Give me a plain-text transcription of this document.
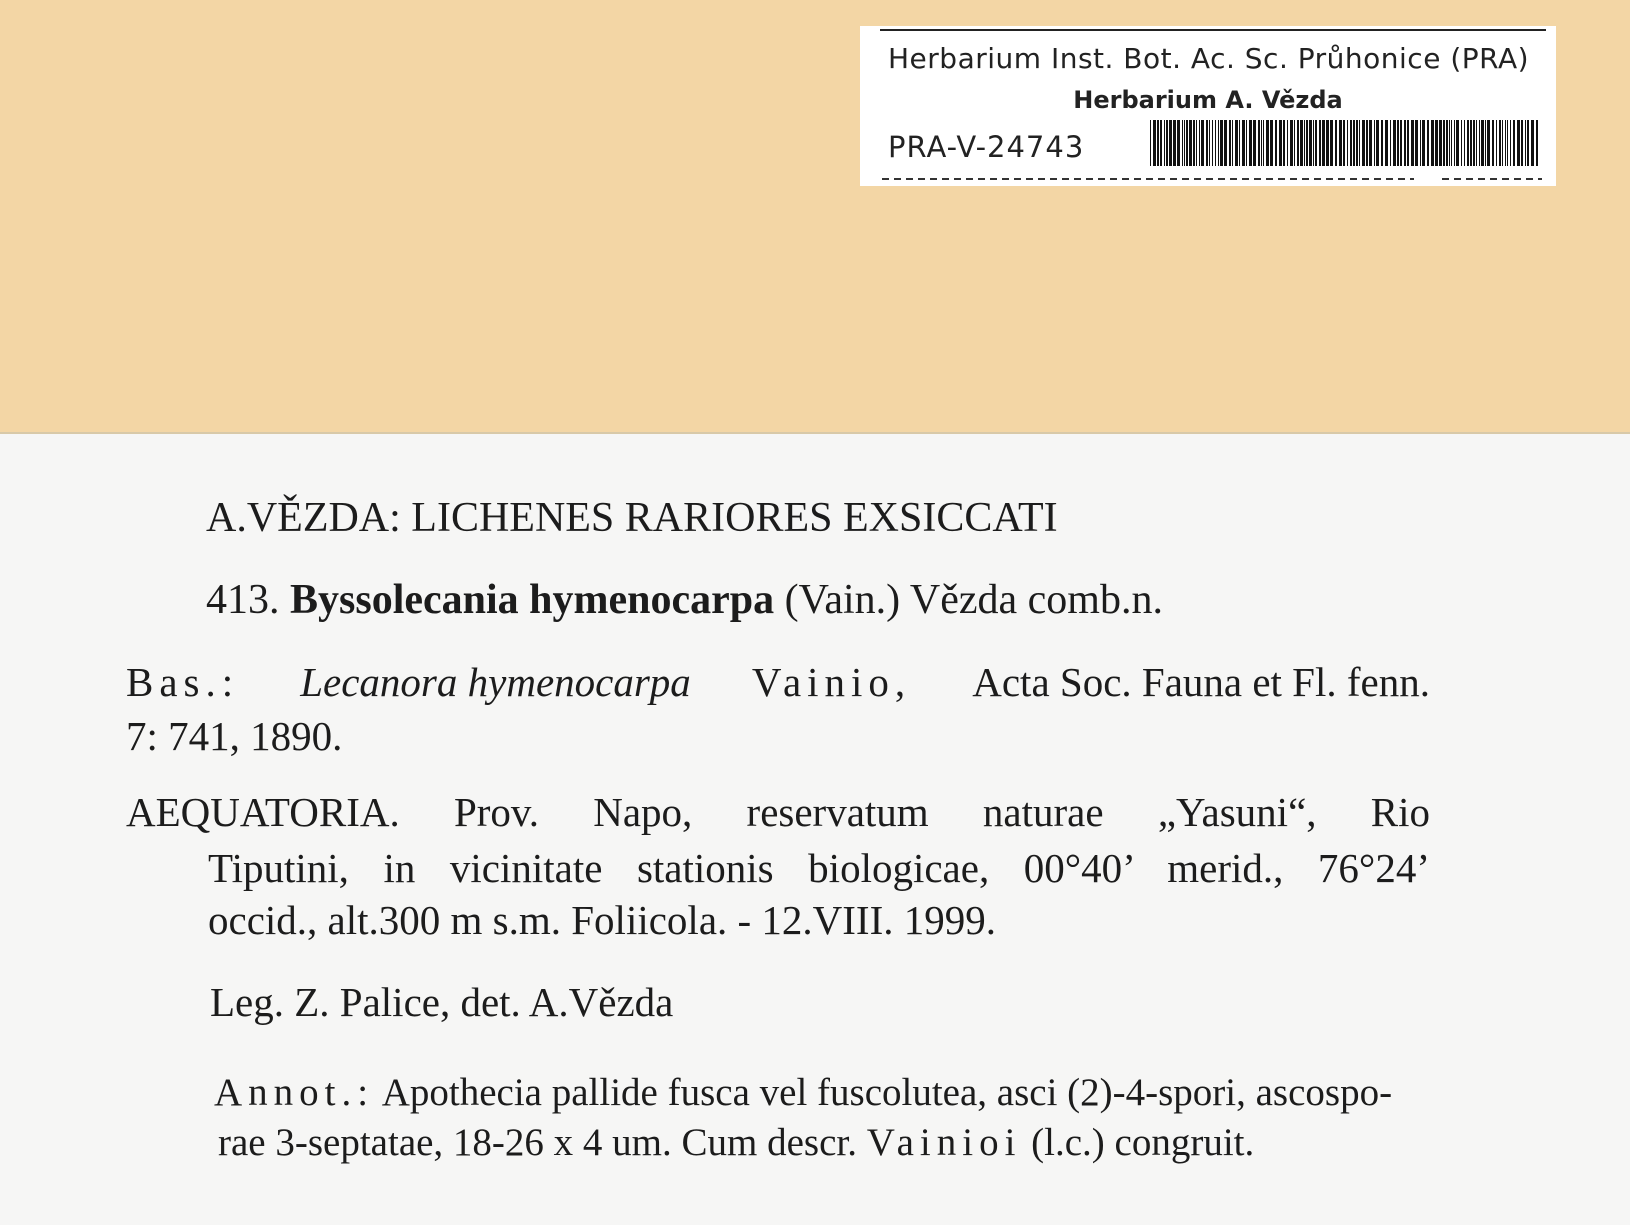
Herbarium Inst. Bot. Ac. Sc. Průhonice (PRA)
Herbarium A. Vězda
PRA-V-24743
A.VĚZDA: LICHENES RARIORES EXSICCATI
413. Byssolecania hymenocarpa (Vain.) Vězda comb.n.
Bas.: Lecanora hymenocarpa Vainio, Acta Soc. Fauna et Fl. fenn.
7: 741, 1890.
AEQUATORIA. Prov. Napo, reservatum naturae „Yasuni“, Rio
Tiputini, in vicinitate stationis biologicae, 00°40’ merid., 76°24’
occid., alt.300 m s.m. Foliicola. - 12.VIII. 1999.
Leg. Z. Palice, det. A.Vězda
Annot.: Apothecia pallide fusca vel fuscolutea, asci (2)-4-spori, ascospo-
rae 3-septatae, 18-26 x 4 um. Cum descr. Vainioi (l.c.) congruit.
